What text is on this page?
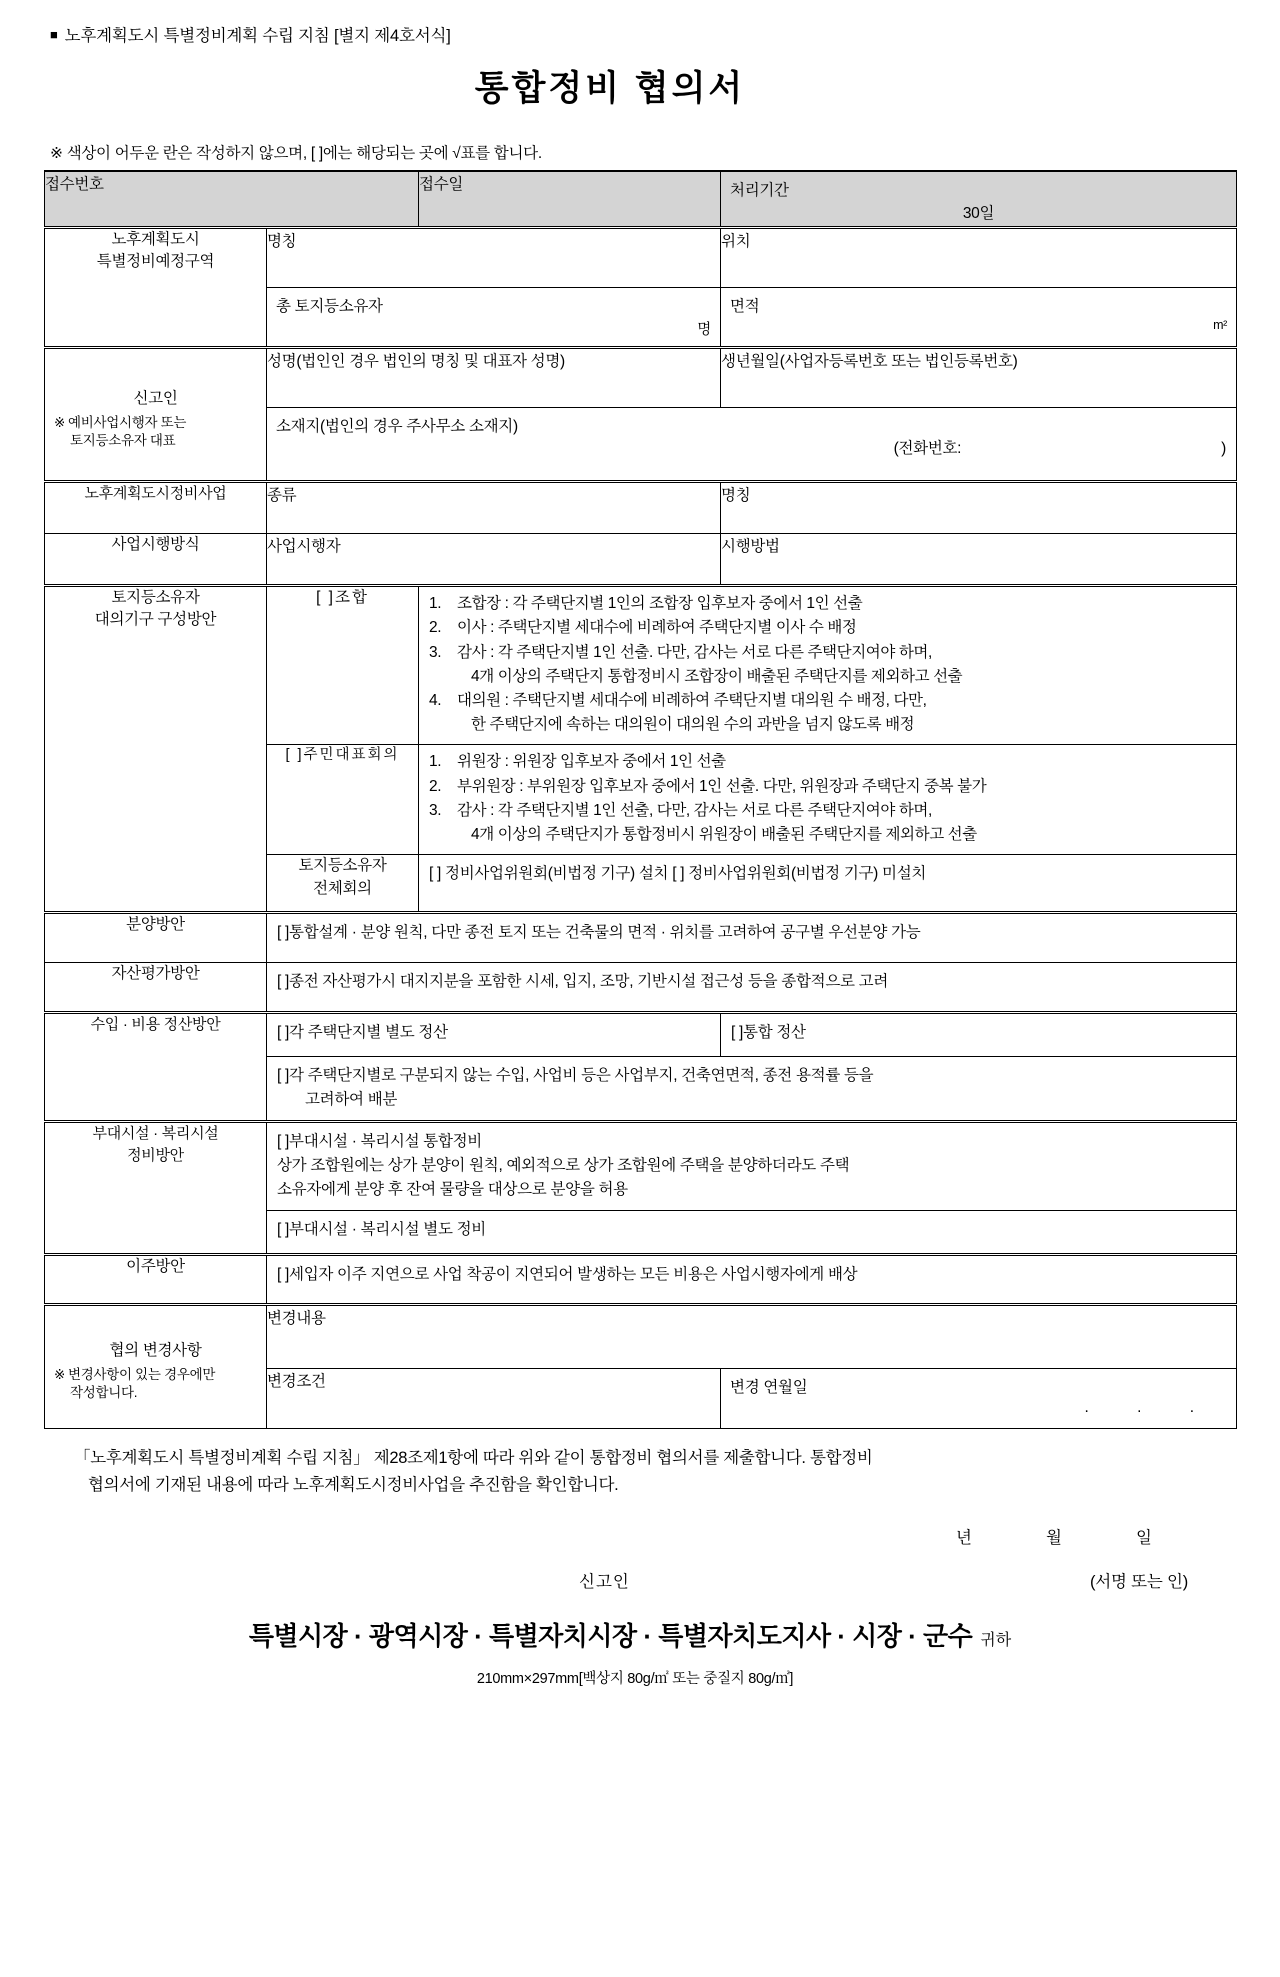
■ 노후계획도시 특별정비계획 수립 지침 [별지 제4호서식]
통합정비 협의서
※ 색상이 어두운 란은 작성하지 않으며, [ ]에는 해당되는 곳에 √표를 합니다.
접수번호		접수일	처리기간
30일

노후계획도시
특별정비예정구역	명칭		위치

	총 토지등소유자
명		면적
m²

신고인
※ 예비사업시행자 또는
토지등소유자 대표	성명(법인인 경우 법인의 명칭 및 대표자 성명)		생년월일(사업자등록번호 또는 법인등록번호)

	소재지(법인의 경우 주사무소 소재지)
(전화번호: )		

노후계획도시정비사업	종류		명칭
사업시행방식	사업시행자		시행방법

토지등소유자
대의기구 구성방안
	[ ]조합	1. 조합장 : 각 주택단지별 1인의 조합장 입후보자 중에서 1인 선출
2. 이사 : 주택단지별 세대수에 비례하여 주택단지별 이사 수 배정
3. 감사 : 각 주택단지별 1인 선출. 다만, 감사는 서로 다른 주택단지여야 하며,
4개 이상의 주택단지 통합정비시 조합장이 배출된 주택단지를 제외하고 선출
4. 대의원 : 주택단지별 세대수에 비례하여 주택단지별 대의원 수 배정, 다만,
한 주택단지에 속하는 대의원이 대의원 수의 과반을 넘지 않도록 배정

[ ]주민대표회의	1. 위원장 : 위원장 입후보자 중에서 1인 선출
2. 부위원장 : 부위원장 입후보자 중에서 1인 선출. 다만, 위원장과 주택단지 중복 불가
3. 감사 : 각 주택단지별 1인 선출, 다만, 감사는 서로 다른 주택단지여야 하며,
4개 이상의 주택단지가 통합정비시 위원장이 배출된 주택단지를 제외하고 선출

	토지등소유자
전체회의	[ ] 정비사업위원회(비법정 기구) 설치 [ ] 정비사업위원회(비법정 기구) 미설치	

분양방안	[ ]통합설계 · 분양 원칙, 다만 종전 토지 또는 건축물의 면적 · 위치를 고려하여 공구별 우선분양 가능		

자산평가방안	[ ]종전 자산평가시 대지지분을 포함한 시세, 입지, 조망, 기반시설 접근성 등을 종합적으로 고려		

수입 · 비용 정산방안	[ ]각 주택단지별 별도 정산		[ ]통합 정산

	[ ]각 주택단지별로 구분되지 않는 수입, 사업비 등은 사업부지, 건축연면적, 종전 용적률 등을
고려하여 배분		

부대시설 · 복리시설
정비방안

[ ]부대시설 · 복리시설 통합정비
상가 조합원에는 상가 분양이 원칙, 예외적으로 상가 조합원에 주택을 분양하더라도 주택
소유자에게 분양 후 잔여 물량을 대상으로 분양을 허용

	[ ]부대시설 · 복리시설 별도 정비		

이주방안	[ ]세입자 이주 지연으로 사업 착공이 지연되어 발생하는 모든 비용은 사업시행자에게 배상		

협의 변경사항
※ 변경사항이 있는 경우에만
작성합니다.	변경내용		
	변경조건		변경 연월일
. . .
「노후계획도시 특별정비계획 수립 지침」 제28조제1항에 따라 위와 같이 통합정비 협의서를 제출합니다. 통합정비
협의서에 기재된 내용에 따라 노후계획도시정비사업을 추진함을 확인합니다.
년	월	일
신고인	(서명 또는 인)
특별시장 · 광역시장 · 특별자치시장 · 특별자치도지사 · 시장 · 군수 귀하
210mm×297mm[백상지 80g/㎡ 또는 중질지 80g/㎡]
